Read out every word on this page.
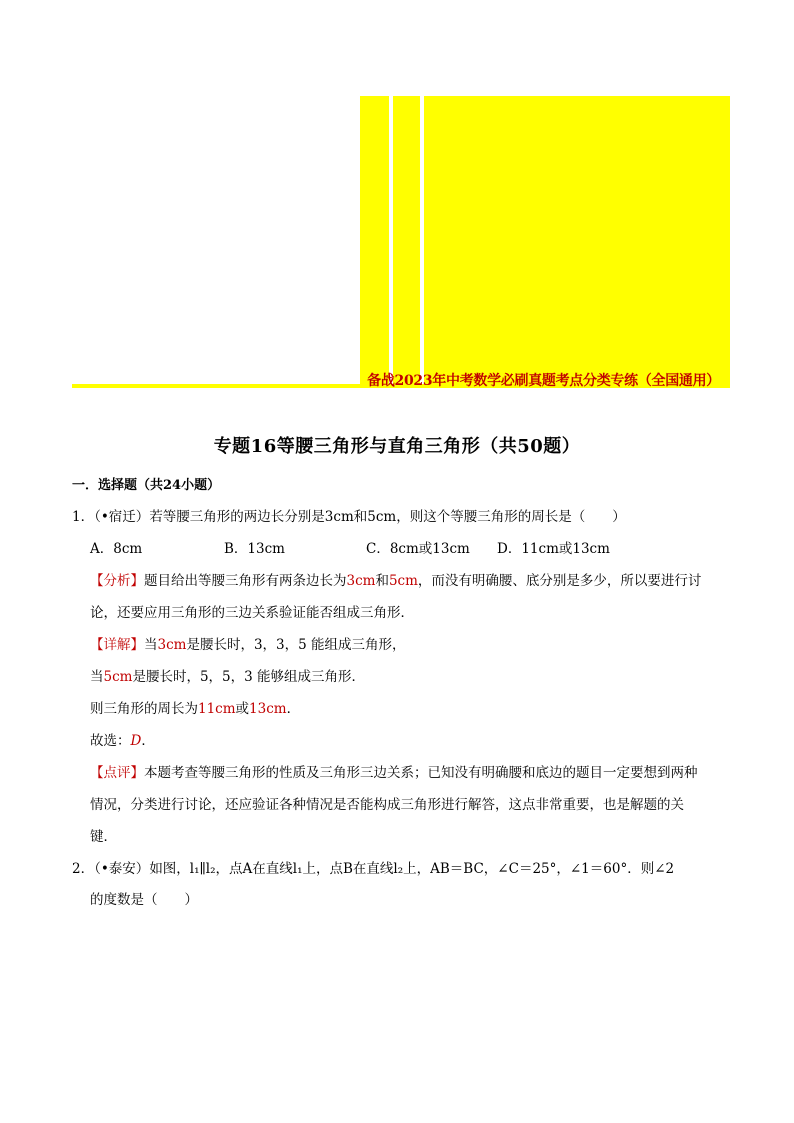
备战2023年中考数学必刷真题考点分类专练（全国通用）
专题16等腰三角形与直角三角形（共50题）
一．选择题（共24小题）
1．（•宿迁）若等腰三角形的两边长分别是3cm和5cm，则这个等腰三角形的周长是（　　）
A．8cm	B．13cm	C．8cm或13cm D．11cm或13cm
【分析】题目给出等腰三角形有两条边长为3cm和5cm，而没有明确腰、底分别是多少，所以要进行讨
论，还要应用三角形的三边关系验证能否组成三角形．
【详解】当3cm是腰长时，3，3，5 能组成三角形，
当5cm是腰长时，5，5，3 能够组成三角形．
则三角形的周长为11cm或13cm．
故选：D．
【点评】本题考查等腰三角形的性质及三角形三边关系；已知没有明确腰和底边的题目一定要想到两种
情况，分类进行讨论，还应验证各种情况是否能构成三角形进行解答，这点非常重要，也是解题的关
键．
2．（•泰安）如图，l₁∥l₂，点A在直线l₁上，点B在直线l₂上，AB＝BC，∠C＝25°，∠1＝60°．则∠2
的度数是（　　）
